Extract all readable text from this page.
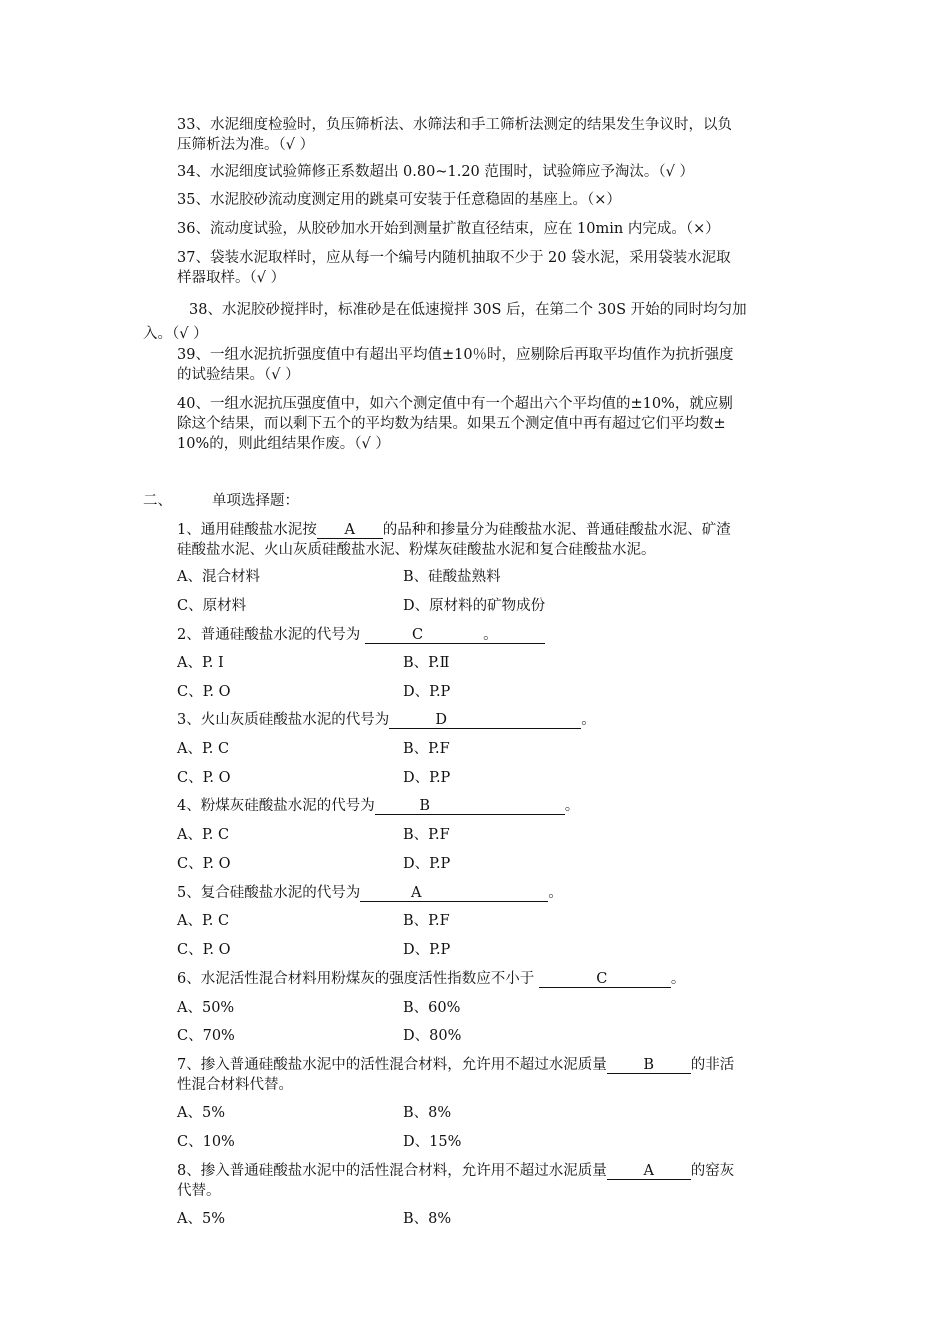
33、水泥细度检验时，负压筛析法、水筛法和手工筛析法测定的结果发生争议时，以负
压筛析法为准。（√ ）
34、水泥细度试验筛修正系数超出 0.80~1.20 范围时，试验筛应予淘汰。（√ ）
35、水泥胶砂流动度测定用的跳桌可安装于任意稳固的基座上。（×）
36、流动度试验，从胶砂加水开始到测量扩散直径结束，应在 10min 内完成。（×）
37、袋装水泥取样时，应从每一个编号内随机抽取不少于 20 袋水泥，采用袋装水泥取
样器取样。（√ ）
38、水泥胶砂搅拌时，标准砂是在低速搅拌 30S 后，在第二个 30S 开始的同时均匀加
入。（√ ）
39、一组水泥抗折强度值中有超出平均值±10％时，应剔除后再取平均值作为抗折强度
的试验结果。（√ ）
40、一组水泥抗压强度值中，如六个测定值中有一个超出六个平均值的±10%，就应剔
除这个结果，而以剩下五个的平均数为结果。如果五个测定值中再有超过它们平均数±
10%的，则此组结果作废。（√ ）
二、	单项选择题：
1、通用硅酸盐水泥按 A 的品种和掺量分为硅酸盐水泥、普通硅酸盐水泥、矿渣
硅酸盐水泥、火山灰质硅酸盐水泥、粉煤灰硅酸盐水泥和复合硅酸盐水泥。
A、混合材料	B、硅酸盐熟料
C、原材料	D、原材料的矿物成份
2、普通硅酸盐水泥的代号为	C	。
A、P. Ⅰ	B、P.Ⅱ
C、P. O	D、P.P
3、火山灰质硅酸盐水泥的代号为	D	。
A、P. C	B、P.F
C、P. O	D、P.P
4、粉煤灰硅酸盐水泥的代号为	B	。
A、P. C	B、P.F
C、P. O	D、P.P
5、复合硅酸盐水泥的代号为	A	。
A、P. C	B、P.F
C、P. O	D、P.P
6、水泥活性混合材料用粉煤灰的强度活性指数应不小于	C	。
A、50%	B、60%
C、70%	D、80%
7、掺入普通硅酸盐水泥中的活性混合材料，允许用不超过水泥质量	B	的非活
性混合材料代替。
A、5%	B、8%
C、10%	D、15%
8、掺入普通硅酸盐水泥中的活性混合材料，允许用不超过水泥质量	A	的窑灰
代替。
A、5%	B、8%
